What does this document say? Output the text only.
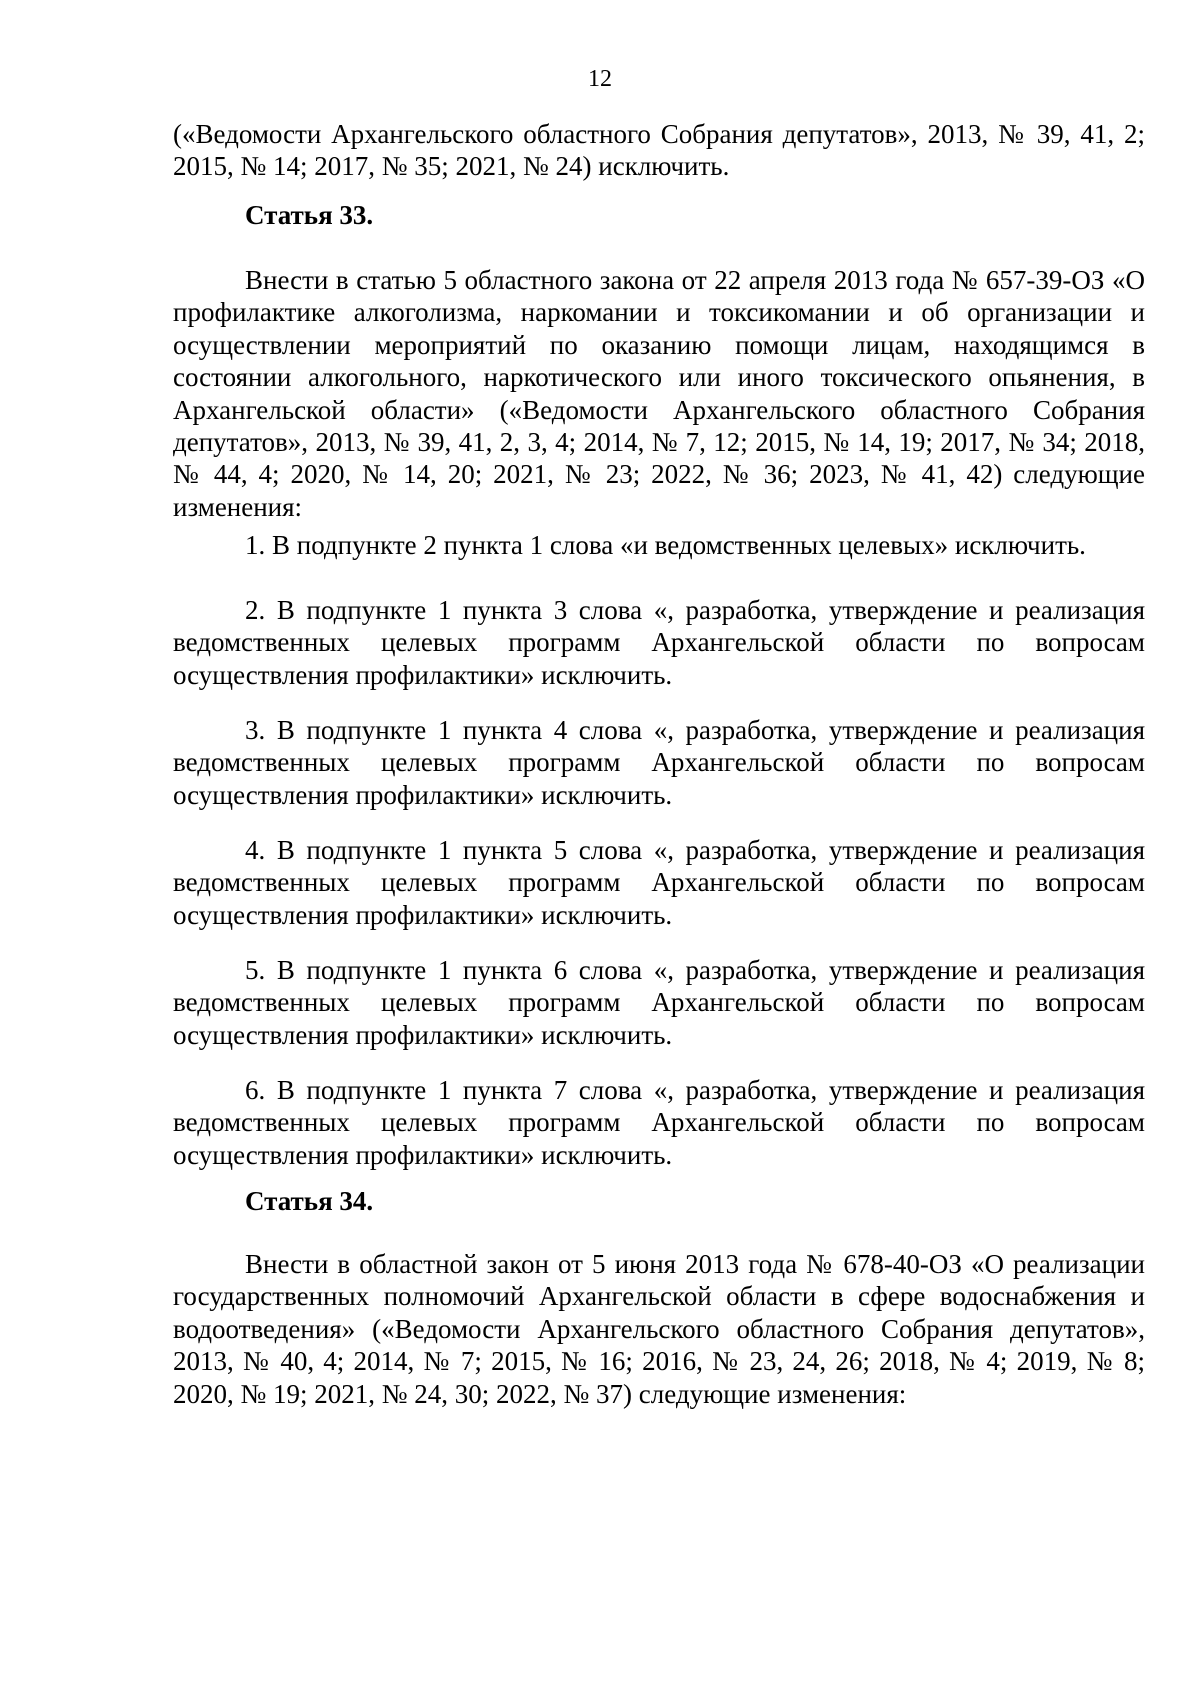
12

(«Ведомости Архангельского областного Собрания депутатов», 2013, № 39, 41, 2; 2015, № 14; 2017, № 35; 2021, № 24) исключить.

Статья 33.

Внести в статью 5 областного закона от 22 апреля 2013 года № 657-39-ОЗ «О профилактике алкоголизма, наркомании и токсикомании и об организации и осуществлении мероприятий по оказанию помощи лицам, находящимся в состоянии алкогольного, наркотического или иного токсического опьянения, в Архангельской области» («Ведомости Архангельского областного Собрания депутатов», 2013, № 39, 41, 2, 3, 4; 2014, № 7, 12; 2015, № 14, 19; 2017, № 34; 2018, № 44, 4; 2020, № 14, 20; 2021, № 23; 2022, № 36; 2023, № 41, 42) следующие изменения:

1. В подпункте 2 пункта 1 слова «и ведомственных целевых» исключить.

2. В подпункте 1 пункта 3 слова «, разработка, утверждение и реализация ведомственных целевых программ Архангельской области по вопросам осуществления профилактики» исключить.

3. В подпункте 1 пункта 4 слова «, разработка, утверждение и реализация ведомственных целевых программ Архангельской области по вопросам осуществления профилактики» исключить.

4. В подпункте 1 пункта 5 слова «, разработка, утверждение и реализация ведомственных целевых программ Архангельской области по вопросам осуществления профилактики» исключить.

5. В подпункте 1 пункта 6 слова «, разработка, утверждение и реализация ведомственных целевых программ Архангельской области по вопросам осуществления профилактики» исключить.

6. В подпункте 1 пункта 7 слова «, разработка, утверждение и реализация ведомственных целевых программ Архангельской области по вопросам осуществления профилактики» исключить.

Статья 34.

Внести в областной закон от 5 июня 2013 года № 678-40-ОЗ «О реализации государственных полномочий Архангельской области в сфере водоснабжения и водоотведения» («Ведомости Архангельского областного Собрания депутатов», 2013, № 40, 4; 2014, № 7; 2015, № 16; 2016, № 23, 24, 26; 2018, № 4; 2019, № 8; 2020, № 19; 2021, № 24, 30; 2022, № 37) следующие изменения:
